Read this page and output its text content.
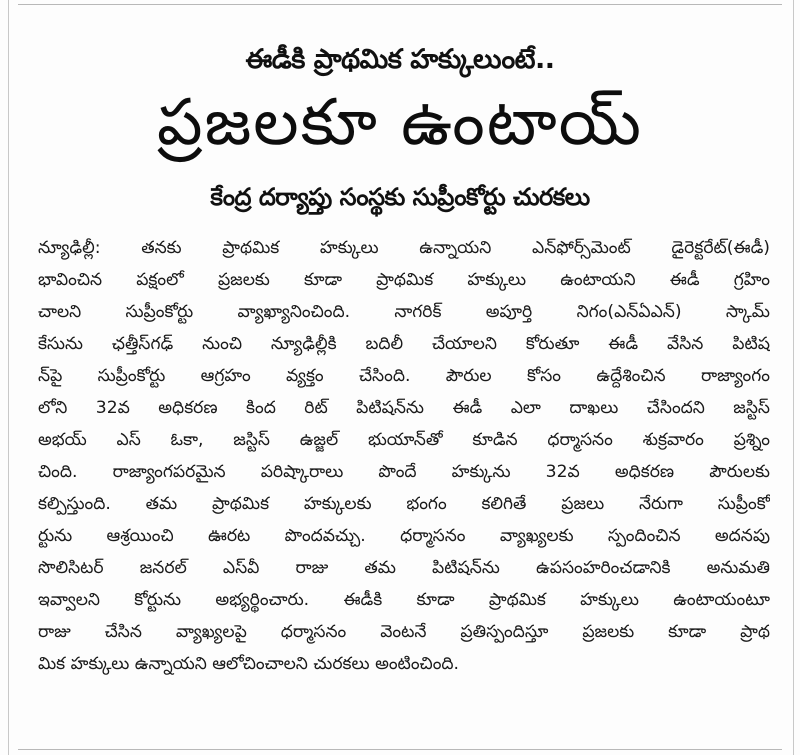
ఈడీకి ప్రాథమిక హక్కులుంటే..
ప్రజలకూ ఉంటాయ్‌
కేంద్ర దర్యాప్తు సంస్థకు సుప్రీంకోర్టు చురకలు
న్యూఢిల్లీ: తనకు ప్రాథమిక హక్కులు ఉన్నాయని ఎన్‌ఫోర్స్‌మెంట్‌ డైరెక్టరేట్‌(ఈడీ)
భావించిన పక్షంలో ప్రజలకు కూడా ప్రాథమిక హక్కులు ఉంటాయని ఈడీ గ్రహిం
చాలని సుప్రీంకోర్టు వ్యాఖ్యానించింది. నాగరిక్‌ అపూర్తి నిగం(ఎన్‌ఏఎన్‌) స్కామ్‌
కేసును ఛత్తీస్‌గఢ్‌ నుంచి న్యూఢిల్లీకి బదిలీ చేయాలని కోరుతూ ఈడీ వేసిన పిటిష
న్‌పై సుప్రీంకోర్టు ఆగ్రహం వ్యక్తం చేసింది. పౌరుల కోసం ఉద్దేశించిన రాజ్యాంగం
లోని 32వ అధికరణ కింద రిట్‌ పిటిషన్‌ను ఈడీ ఎలా దాఖలు చేసిందని జస్టిస్‌
అభయ్‌ ఎస్‌ ఓకా, జస్టిస్‌ ఉజ్జల్‌ భుయాన్‌తో కూడిన ధర్మాసనం శుక్రవారం ప్రశ్నిం
చింది. రాజ్యాంగపరమైన పరిష్కారాలు పొందే హక్కును 32వ అధికరణ పౌరులకు
కల్పిస్తుంది. తమ ప్రాథమిక హక్కులకు భంగం కలిగితే ప్రజలు నేరుగా సుప్రీంకో
ర్టును ఆశ్రయించి ఊరట పొందవచ్చు. ధర్మాసనం వ్యాఖ్యలకు స్పందించిన అదనపు
సొలిసిటర్‌ జనరల్‌ ఎస్‌వీ రాజు తమ పిటిషన్‌ను ఉపసంహరించడానికి అనుమతి
ఇవ్వాలని కోర్టును అభ్యర్థించారు. ఈడీకి కూడా ప్రాథమిక హక్కులు ఉంటాయంటూ
రాజు చేసిన వ్యాఖ్యలపై ధర్మాసనం వెంటనే ప్రతిస్పందిస్తూ ప్రజలకు కూడా ప్రాథ
మిక హక్కులు ఉన్నాయని ఆలోచించాలని చురకలు అంటించింది.
